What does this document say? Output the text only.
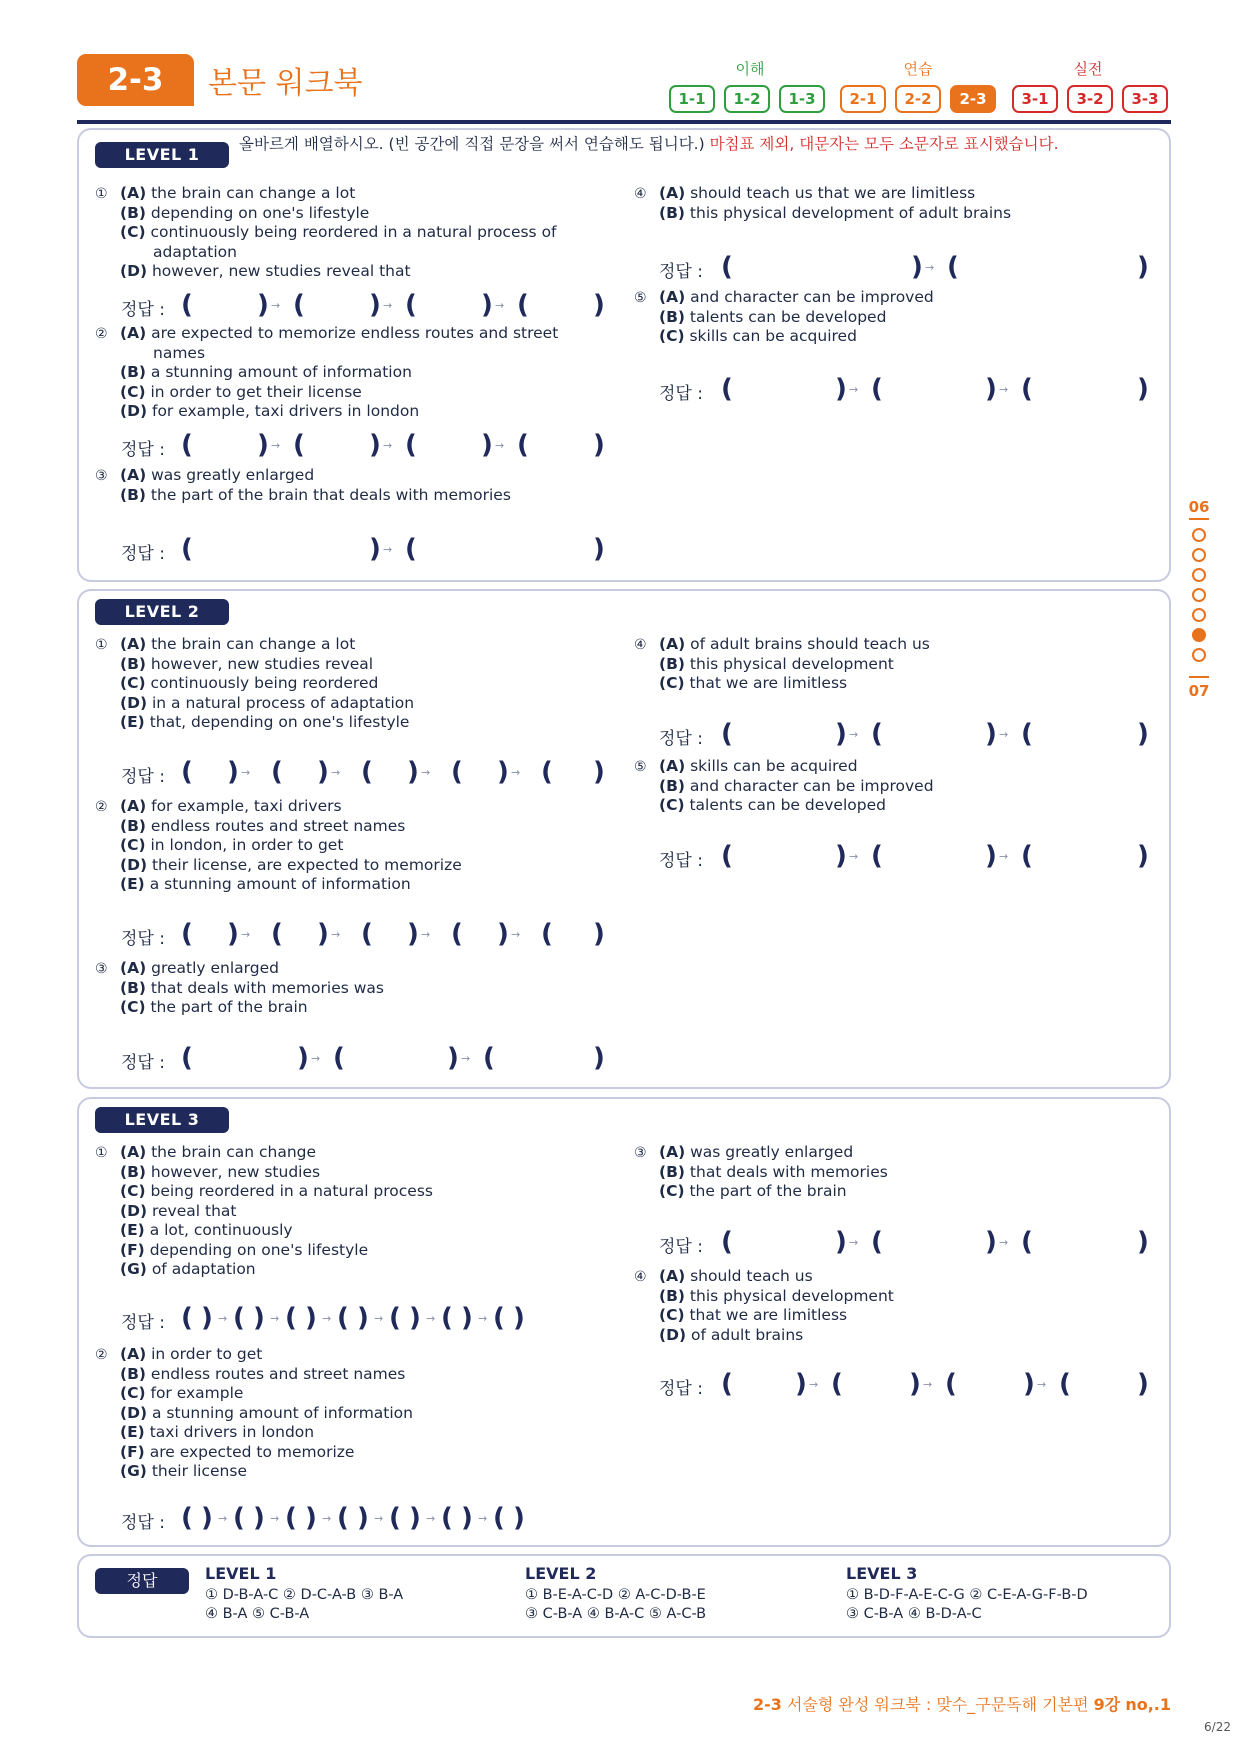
2-3	본문 워크북	이해	연습	실전
1-1	1-2	1-3	2-1	2-2	2-3	3-1	3-2	3-3
LEVEL 1
올바르게 배열하시오. (빈 공간에 직접 문장을 써서 연습해도 됩니다.) 마침표 제외, 대문자는 모두 소문자로 표시했습니다.
① (A) the brain can change a lot
(B) depending on one's lifestyle
(C) continuously being reordered in a natural process of
adaptation
(D) however, new studies reveal that
정답 : ( ) → ( ) → ( ) → ( )
② (A) are expected to memorize endless routes and street
names
(B) a stunning amount of information
(C) in order to get their license
(D) for example, taxi drivers in london
정답 : ( ) → ( ) → ( ) → ( )
③ (A) was greatly enlarged
(B) the part of the brain that deals with memories
정답 : (	) → (	)
④ (A) should teach us that we are limitless
(B) this physical development of adult brains
정답 : (	) → (	)
⑤ (A) and character can be improved
(B) talents can be developed
(C) skills can be acquired
정답 : (	) → (	) → (	)
LEVEL 2
① (A) the brain can change a lot
(B) however, new studies reveal
(C) continuously being reordered
(D) in a natural process of adaptation
(E) that, depending on one's lifestyle
정답 : ( ) → ( ) → ( ) → ( ) → ( )
② (A) for example, taxi drivers
(B) endless routes and street names
(C) in london, in order to get
(D) their license, are expected to memorize
(E) a stunning amount of information
정답 : ( ) → ( ) → ( ) → ( ) → ( )
③ (A) greatly enlarged
(B) that deals with memories was
(C) the part of the brain
정답 : (	) → (	) → (	)
④ (A) of adult brains should teach us
(B) this physical development
(C) that we are limitless
정답 : (	) → (	) → (	)
⑤ (A) skills can be acquired
(B) and character can be improved
(C) talents can be developed
정답 : (	) → (	) → (	)
LEVEL 3
① (A) the brain can change
(B) however, new studies
(C) being reordered in a natural process
(D) reveal that
(E) a lot, continuously
(F) depending on one's lifestyle
(G) of adaptation
정답 : ( ) → ( ) → ( ) → ( ) → ( ) → ( ) → ( )
② (A) in order to get
(B) endless routes and street names
(C) for example
(D) a stunning amount of information
(E) taxi drivers in london
(F) are expected to memorize
(G) their license
정답 : ( ) → ( ) → ( ) → ( ) → ( ) → ( ) → ( )
③ (A) was greatly enlarged
(B) that deals with memories
(C) the part of the brain
정답 : (	) → (	) → (	)
④ (A) should teach us
(B) this physical development
(C) that we are limitless
(D) of adult brains
정답 : ( ) → (	) → (	) → (	)
정답	LEVEL 1
① D-B-A-C ② D-C-A-B ③ B-A
④ B-A ⑤ C-B-A
LEVEL 2
① B-E-A-C-D ② A-C-D-B-E
③ C-B-A ④ B-A-C ⑤ A-C-B
LEVEL 3
① B-D-F-A-E-C-G ② C-E-A-G-F-B-D
③ C-B-A ④ B-D-A-C
06
07
2-3 서술형 완성 워크북 : 맞수_구문독해 기본편 9강 no,.1
6/22
